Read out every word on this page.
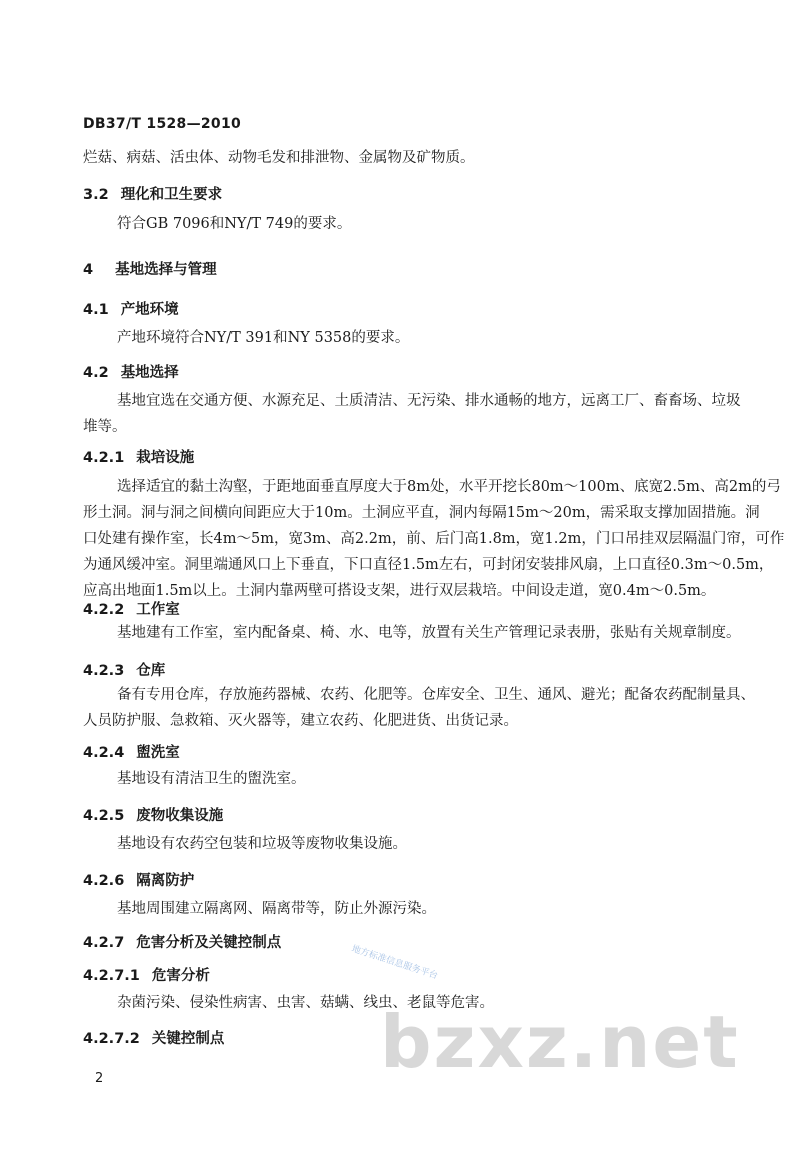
DB37/T 1528—2010
烂菇、病菇、活虫体、动物毛发和排泄物、金属物及矿物质。
3.2 理化和卫生要求
符合GB 7096和NY/T 749的要求。
4 基地选择与管理
4.1 产地环境
产地环境符合NY/T 391和NY 5358的要求。
4.2 基地选择
基地宜选在交通方便、水源充足、土质清洁、无污染、排水通畅的地方，远离工厂、畜畜场、垃圾
堆等。
4.2.1 栽培设施
选择适宜的黏土沟壑，于距地面垂直厚度大于8m处，水平开挖长80m～100m、底宽2.5m、高2m的弓
形土洞。洞与洞之间横向间距应大于10m。土洞应平直，洞内每隔15m～20m，需采取支撑加固措施。洞
口处建有操作室，长4m～5m，宽3m、高2.2m，前、后门高1.8m，宽1.2m，门口吊挂双层隔温门帘，可作
为通风缓冲室。洞里端通风口上下垂直，下口直径1.5m左右，可封闭安装排风扇，上口直径0.3m～0.5m，
应高出地面1.5m以上。土洞内靠两壁可搭设支架，进行双层栽培。中间设走道，宽0.4m～0.5m。
4.2.2 工作室
基地建有工作室，室内配备桌、椅、水、电等，放置有关生产管理记录表册，张贴有关规章制度。
4.2.3 仓库
备有专用仓库，存放施药器械、农药、化肥等。仓库安全、卫生、通风、避光；配备农药配制量具、
人员防护服、急救箱、灭火器等，建立农药、化肥进货、出货记录。
4.2.4 盥洗室
基地设有清洁卫生的盥洗室。
4.2.5 废物收集设施
基地设有农药空包装和垃圾等废物收集设施。
4.2.6 隔离防护
基地周围建立隔离网、隔离带等，防止外源污染。
4.2.7 危害分析及关键控制点
4.2.7.1 危害分析
杂菌污染、侵染性病害、虫害、菇螨、线虫、老鼠等危害。
4.2.7.2 关键控制点
地方标准信息服务平台
bzxz.net
2
